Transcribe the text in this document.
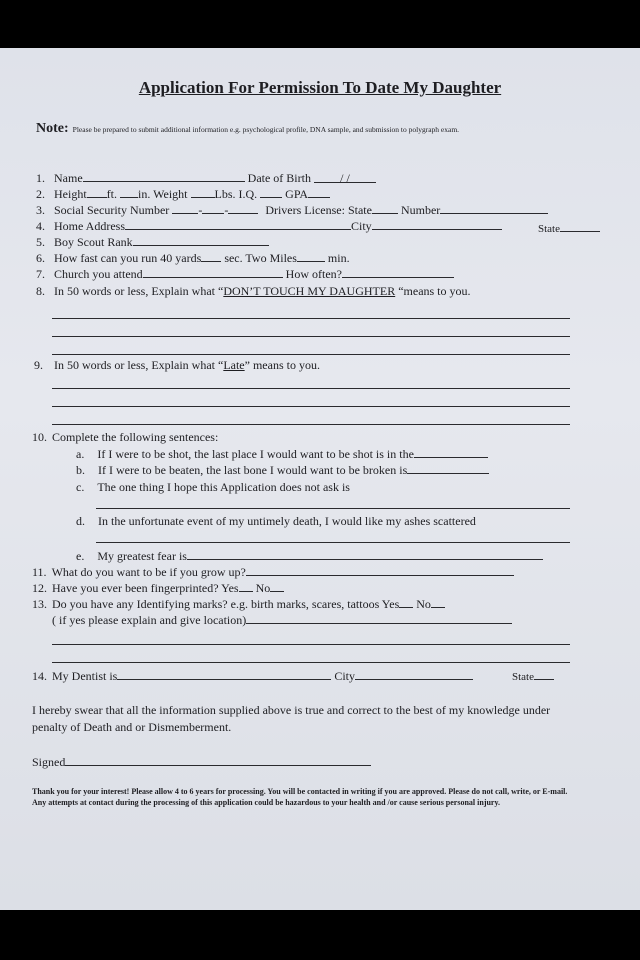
Application For Permission To Date My Daughter
Note: Please be prepared to submit additional information e.g. psychological profile, DNA sample, and submission to polygraph exam.
1. Name	Date of Birth / /
2. Height ft. in. Weight Lbs. I.Q. GPA
3. Social Security Number - -	Drivers License: State Number
4. Home Address	City	State
5. Boy Scout Rank
6. How fast can you run 40 yards sec. Two Miles	min.
7. Church you attend	How often?
8. In 50 words or less, Explain what “DON’T TOUCH MY DAUGHTER “means to you.
9. In 50 words or less, Explain what “Late” means to you.
10. Complete the following sentences:
a. If I were to be shot, the last place I would want to be shot is in the
b. If I were to be beaten, the last bone I would want to be broken is
c. The one thing I hope this Application does not ask is
d. In the unfortunate event of my untimely death, I would like my ashes scattered
e. My greatest fear is
11. What do you want to be if you grow up?
12. Have you ever been fingerprinted? Yes No
13. Do you have any Identifying marks? e.g. birth marks, scares, tattoos Yes No
( if yes please explain and give location)
14. My Dentist is	City	State
I hereby swear that all the information supplied above is true and correct to the best of my knowledge under penalty of Death and or Dismemberment.
Signed
Thank you for your interest! Please allow 4 to 6 years for processing. You will be contacted in writing if you are approved. Please do not call, write, or E-mail. Any attempts at contact during the processing of this application could be hazardous to your health and /or cause serious personal injury.
